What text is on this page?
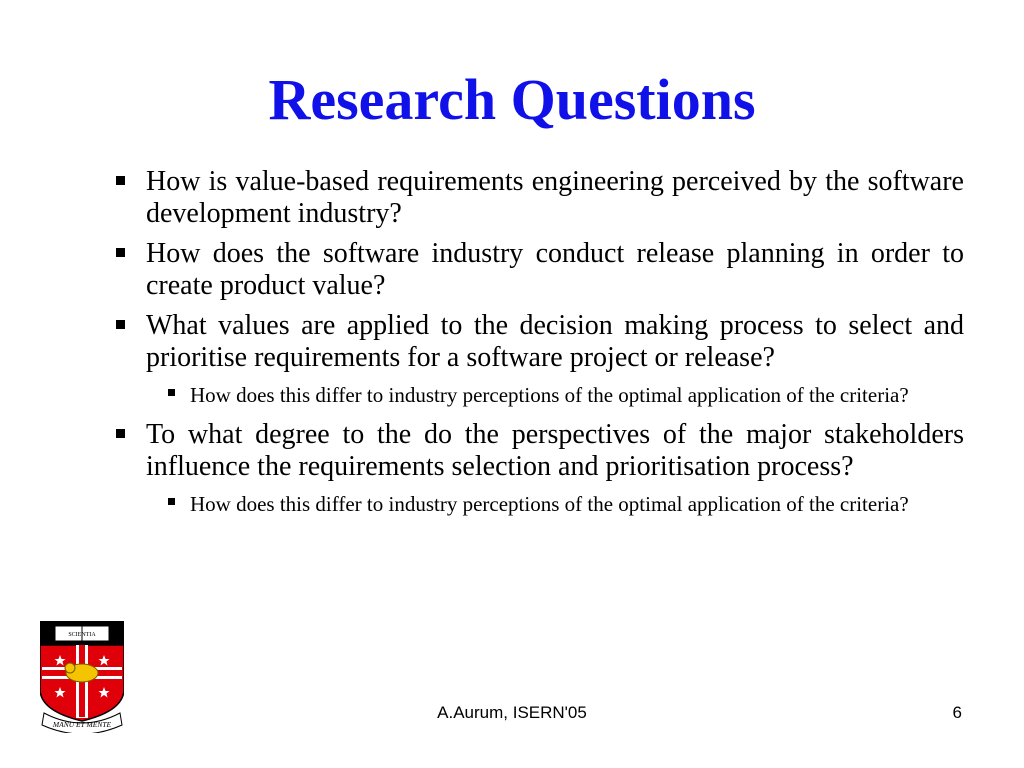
Research Questions
How is value-based requirements engineering perceived by the software development industry?
How does the software industry conduct release planning in order to create product value?
What values are applied to the decision making process to select and prioritise requirements for a software project or release?
How does this differ to industry perceptions of the optimal application of the criteria?
To what degree to the do the perspectives of the major stakeholders influence the requirements selection and prioritisation process?
How does this differ to industry perceptions of the optimal application of the criteria?
SCIENTIA
MANU ET MENTE
A.Aurum, ISERN'05	6
